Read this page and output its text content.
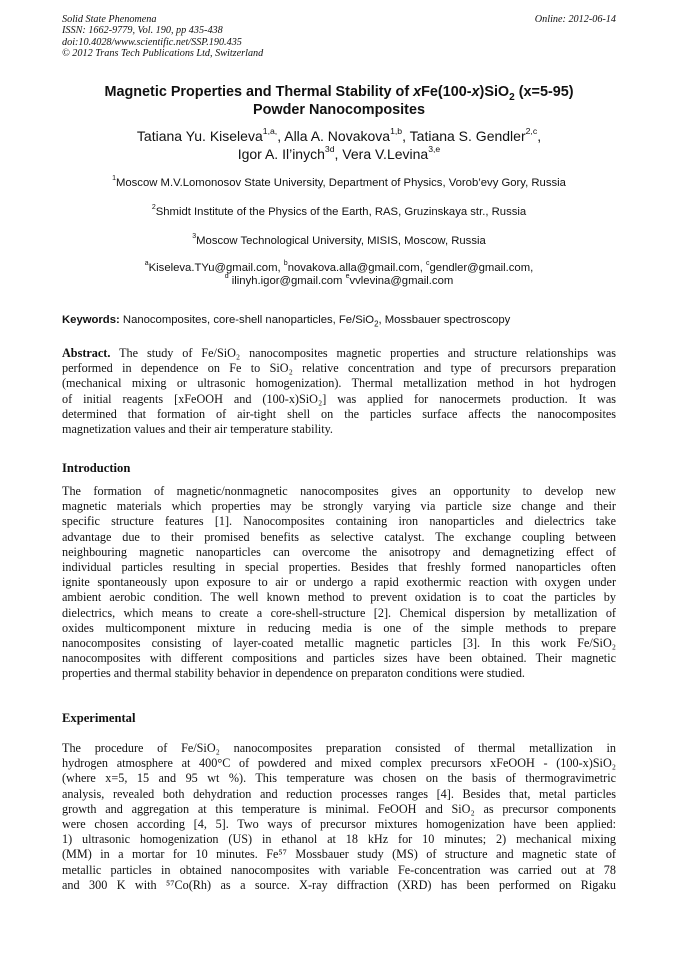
Solid State Phenomena
ISSN: 1662-9779, Vol. 190, pp 435-438
doi:10.4028/www.scientific.net/SSP.190.435
© 2012 Trans Tech Publications Ltd, Switzerland
Online: 2012-06-14
Magnetic Properties and Thermal Stability of xFe(100-x)SiO$_2$ (x=5-95)
Powder Nanocomposites
Tatiana Yu. Kiseleva$^{1,a,}$, Alla A. Novakova$^{1,b}$, Tatiana S. Gendler$^{2,c}$,
Igor A. Il’inych$^{3d}$, Vera V.Levina$^{3,e}$
$^1$Moscow M.V.Lomonosov State University, Department of Physics, Vorob’evy Gory, Russia
$^2$Shmidt Institute of the Physics of the Earth, RAS, Gruzinskaya str., Russia
$^3$Moscow Technological University, MISIS, Moscow, Russia
$^a$Kiseleva.TYu@gmail.com, $^b$novakova.alla@gmail.com, $^c$gendler@gmail.com,
$^d$ ilinyh.igor@gmail.com $^e$vvlevina@gmail.com
Keywords: Nanocomposites, core-shell nanoparticles, Fe/SiO$_2$, Mossbauer spectroscopy
Abstract. The study of Fe/SiO₂ nanocomposites magnetic properties and structure relationships was
performed in dependence on Fe to SiO₂ relative concentration and type of precursors preparation
(mechanical mixing or ultrasonic homogenization). Thermal metallization method in hot hydrogen
of initial reagents [xFeOOH and (100-x)SiO₂] was applied for nanocermets production. It was
determined that formation of air-tight shell on the particles surface affects the nanocomposites
magnetization values and their air temperature stability.
Introduction
The formation of magnetic/nonmagnetic nanocomposites gives an opportunity to develop new
magnetic materials which properties may be strongly varying via particle size change and their
specific structure features [1]. Nanocomposites containing iron nanoparticles and dielectrics take
advantage due to their promised benefits as selective catalyst. The exchange coupling between
neighbouring magnetic nanoparticles can overcome the anisotropy and demagnetizing effect of
individual particles resulting in special properties. Besides that freshly formed nanoparticles often
ignite spontaneously upon exposure to air or undergo a rapid exothermic reaction with oxygen under
ambient aerobic condition. The well known method to prevent oxidation is to coat the particles by
dielectrics, which means to create a core-shell-structure [2]. Chemical dispersion by metallization of
oxides multicomponent mixture in reducing media is one of the simple methods to prepare
nanocomposites consisting of layer-coated metallic magnetic particles [3]. In this work Fe/SiO₂
nanocomposites with different compositions and particles sizes have been obtained. Their magnetic
properties and thermal stability behavior in dependence on preparaton conditions were studied.
Experimental
The procedure of Fe/SiO₂ nanocomposites preparation consisted of thermal metallization in
hydrogen atmosphere at 400°C of powdered and mixed complex precursors xFeOOH - (100-x)SiO₂
(where x=5, 15 and 95 wt %). This temperature was chosen on the basis of thermogravimetric
analysis, revealed both dehydration and reduction processes ranges [4]. Besides that, metal particles
growth and aggregation at this temperature is minimal. FeOOH and SiO₂ as precursor components
were chosen according [4, 5]. Two ways of precursor mixtures homogenization have been applied:
1) ultrasonic homogenization (US) in ethanol at 18 kHz for 10 minutes; 2) mechanical mixing
(MM) in a mortar for 10 minutes. Fe⁵⁷ Mossbauer study (MS) of structure and magnetic state of
metallic particles in obtained nanocomposites with variable Fe-concentration was carried out at 78
and 300 K with ⁵⁷Co(Rh) as a source. X-ray diffraction (XRD) has been performed on Rigaku
